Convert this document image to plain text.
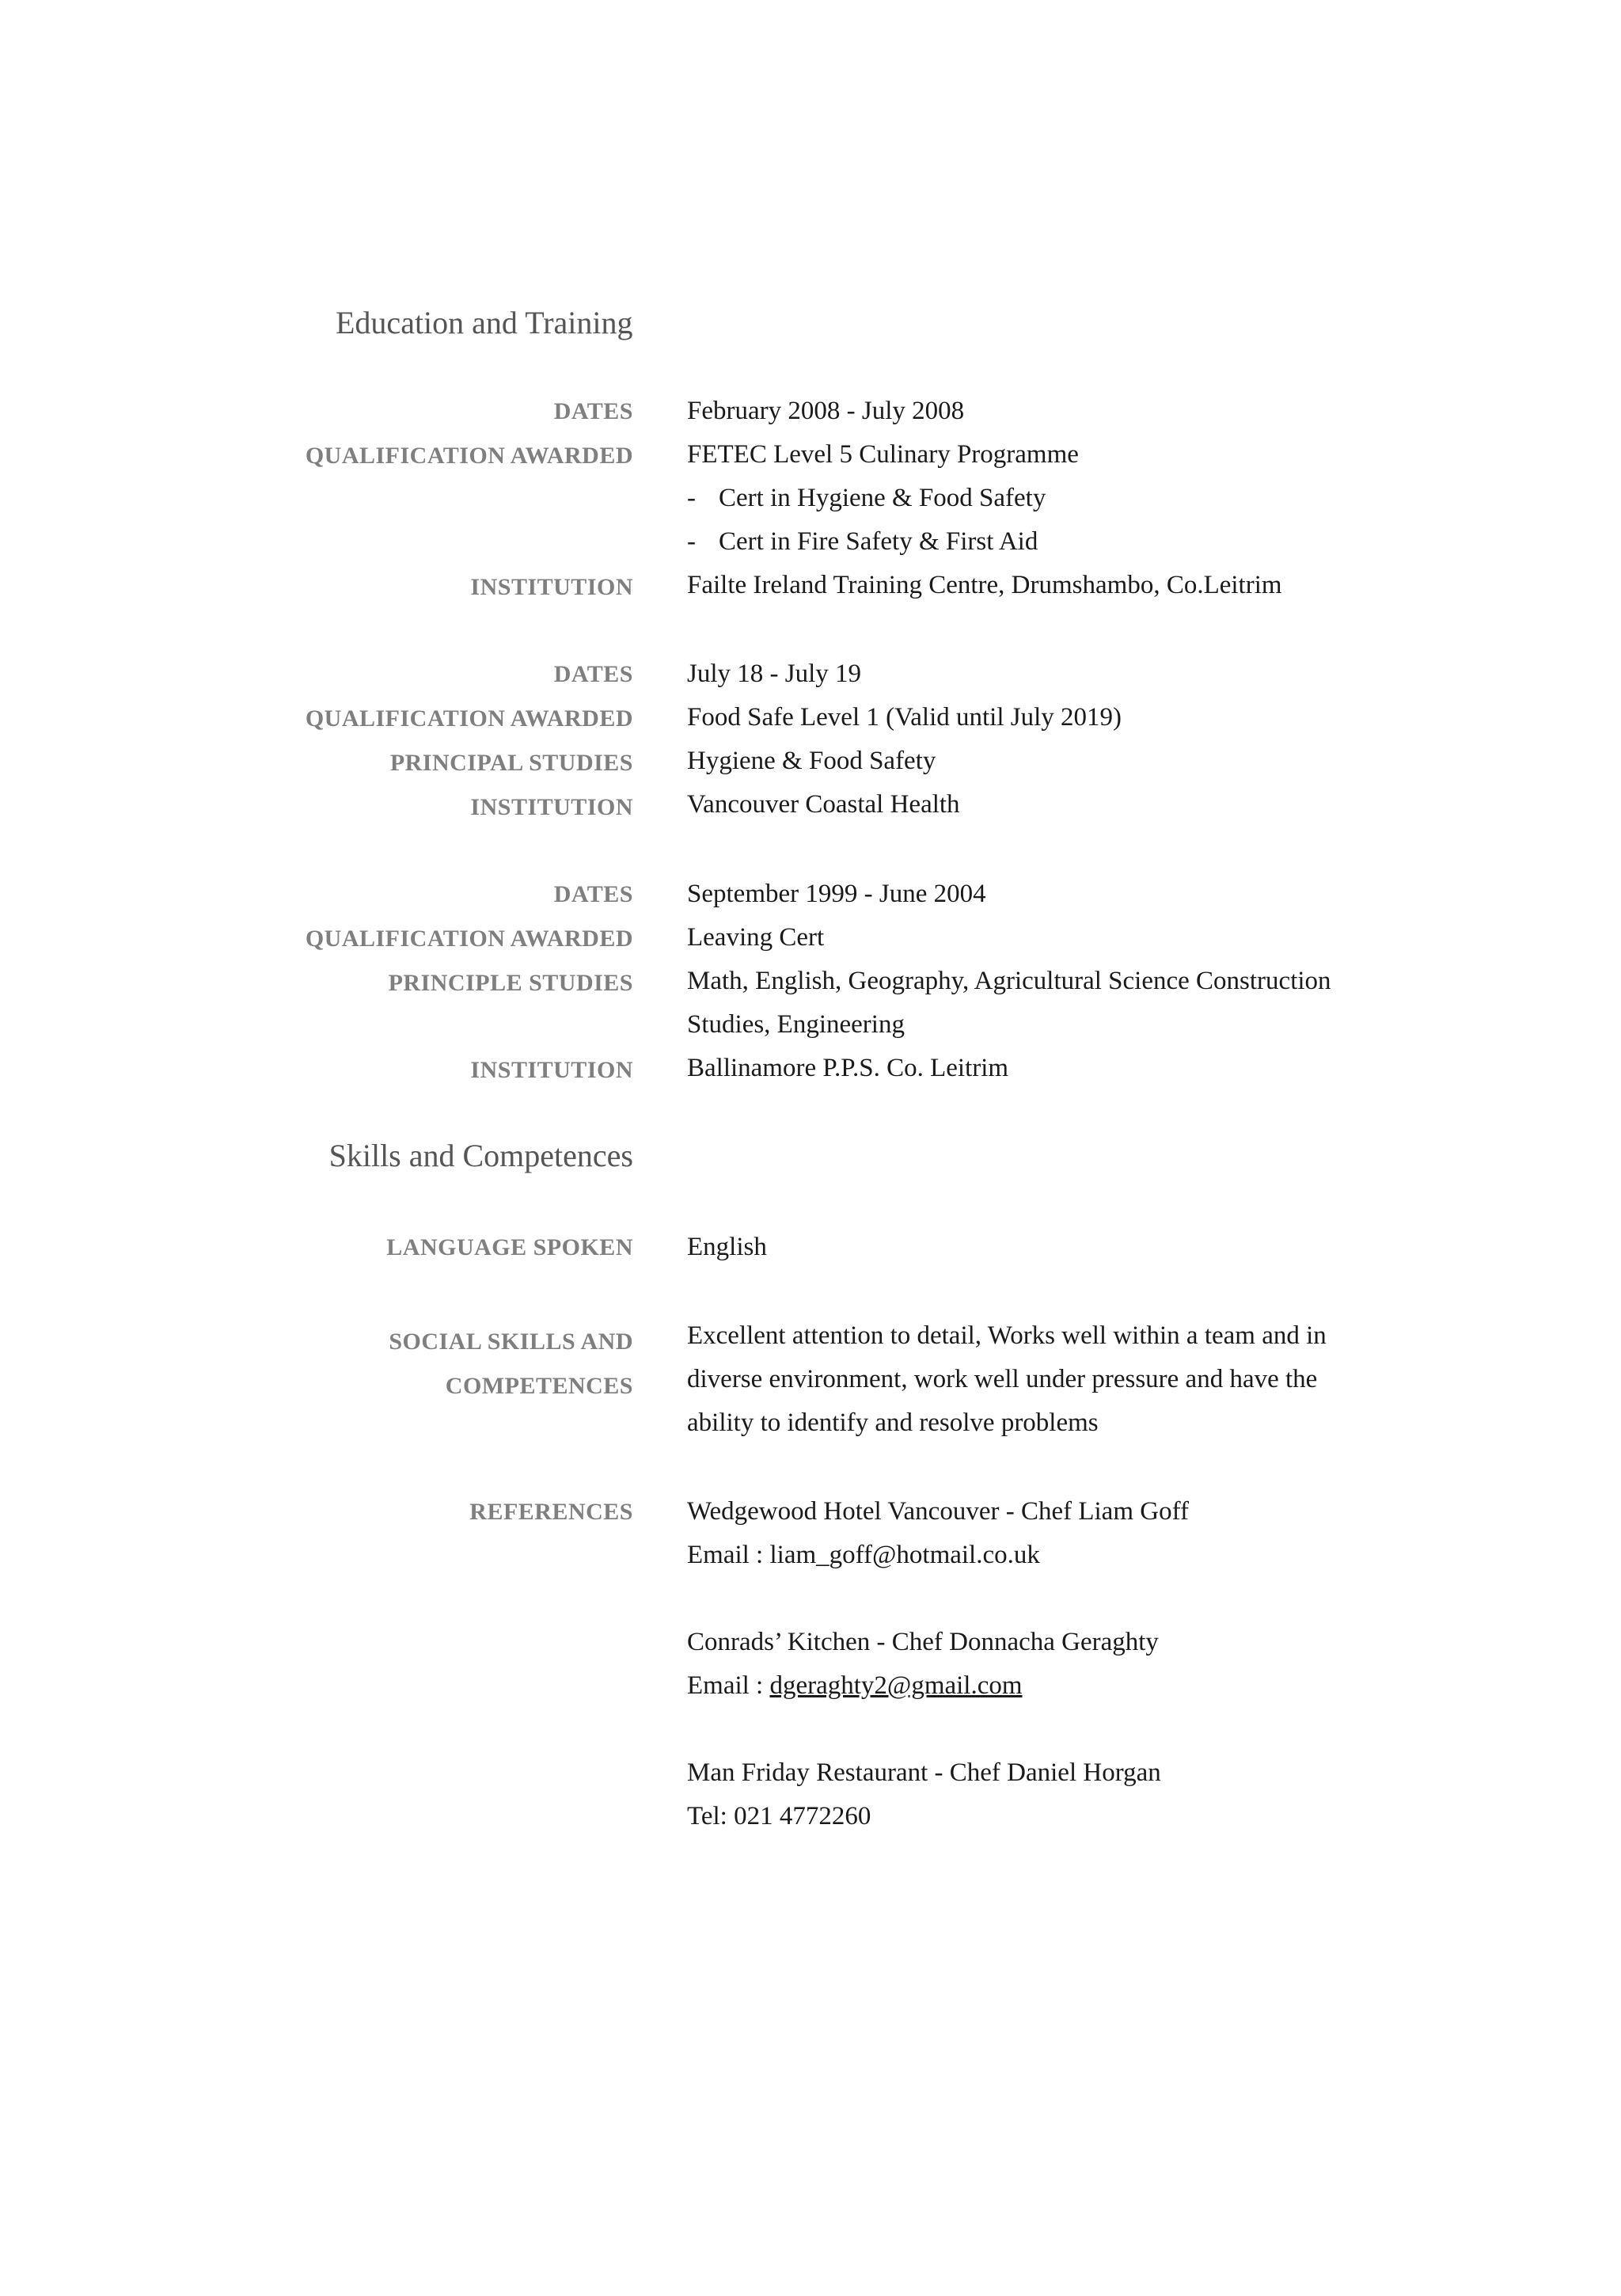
Education and Training
DATES February 2008 - July 2008
FETEC Level 5 Culinary Programme
- Cert in Hygiene & Food Safety
- Cert in Fire Safety & First Aid
Failte Ireland Training Centre, Drumshambo, Co.Leitrim
QUALIFICATION AWARDED
INSTITUTION
DATES
QUALIFICATION AWARDED
PRINCIPAL STUDIES
INSTITUTION
July 18 - July 19
Food Safe Level 1 (Valid until July 2019)
Hygiene & Food Safety
Vancouver Coastal Health
DATES
QUALIFICATION AWARDED
PRINCIPLE STUDIES
INSTITUTION
September 1999 - June 2004
Leaving Cert
Math, English, Geography, Agricultural Science Construction
Studies, Engineering
Ballinamore P.P.S. Co. Leitrim
Skills and Competences
LANGUAGE SPOKEN English
SOCIAL SKILLS AND
COMPETENCES
Excellent attention to detail, Works well within a team and in
diverse environment, work well under pressure and have the
ability to identify and resolve problems
REFERENCES Wedgewood Hotel Vancouver - Chef Liam Goff
Email : liam_goff@hotmail.co.uk
Conrads’ Kitchen - Chef Donnacha Geraghty
Email : dgeraghty2@gmail.com
Man Friday Restaurant - Chef Daniel Horgan
Tel: 021 4772260
